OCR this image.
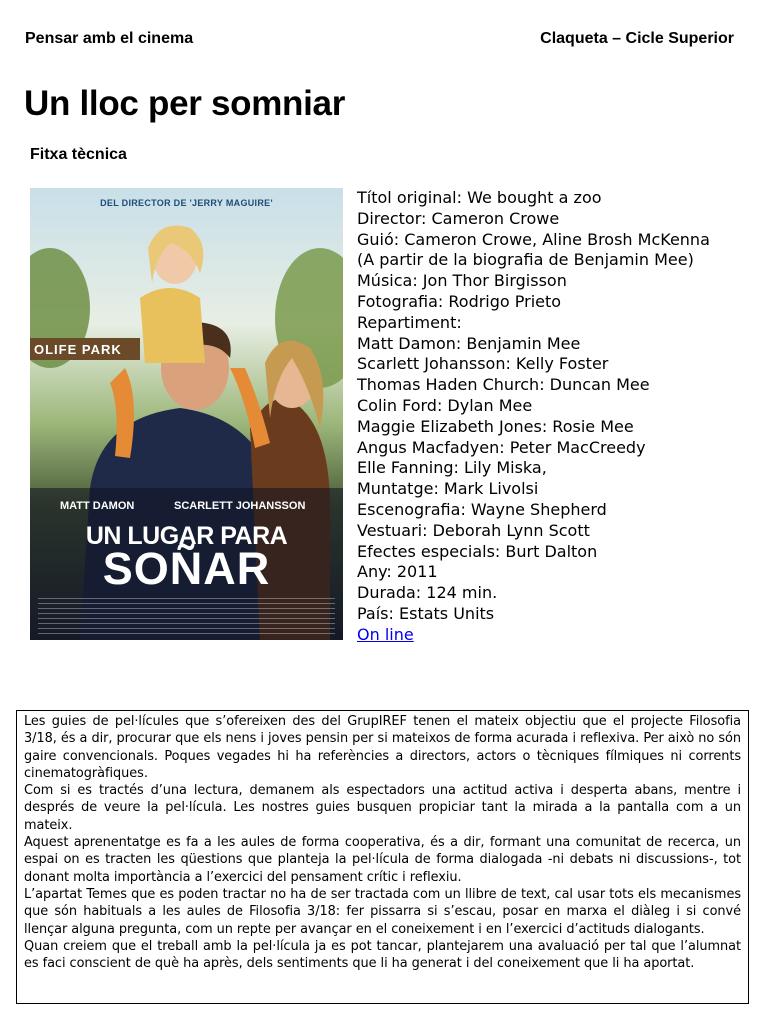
Pensar amb el cinema	Claqueta – Cicle Superior
Un lloc per somniar
Fitxa tècnica
DEL DIRECTOR DE 'JERRY MAGUIRE'
OLIFE PARK
MATT DAMON	SCARLETT JOHANSSON
UN LUGAR PARA
SOÑAR
Títol original: We bought a zoo
Director: Cameron Crowe
Guió: Cameron Crowe, Aline Brosh McKenna
(A partir de la biografia de Benjamin Mee)
Música: Jon Thor Birgisson
Fotografia: Rodrigo Prieto
Repartiment:
Matt Damon: Benjamin Mee
Scarlett Johansson: Kelly Foster
Thomas Haden Church: Duncan Mee
Colin Ford: Dylan Mee
Maggie Elizabeth Jones: Rosie Mee
Angus Macfadyen: Peter MacCreedy
Elle Fanning: Lily Miska,
Muntatge: Mark Livolsi
Escenografia: Wayne Shepherd
Vestuari: Deborah Lynn Scott
Efectes especials: Burt Dalton
Any: 2011
Durada: 124 min.
País: Estats Units
On line

Les guies de pel·lícules que s’ofereixen des del GrupIREF tenen el mateix objectiu que el projecte Filosofia 3/18, és a dir, procurar que els nens i joves pensin per si mateixos de forma acurada i reflexiva. Per això no són gaire convencionals. Poques vegades hi ha referències a directors, actors o tècniques fílmiques ni corrents cinematogràfiques.

Com si es tractés d’una lectura, demanem als espectadors una actitud activa i desperta abans, mentre i després de veure la pel·lícula. Les nostres guies busquen propiciar tant la mirada a la pantalla com a un mateix.

Aquest aprenentatge es fa a les aules de forma cooperativa, és a dir, formant una comunitat de recerca, un espai on es tracten les qüestions que planteja la pel·lícula de forma dialogada -ni debats ni discussions-, tot donant molta importància a l’exercici del pensament crític i reflexiu.

L’apartat Temes que es poden tractar no ha de ser tractada com un llibre de text, cal usar tots els mecanismes que són habituals a les aules de Filosofia 3/18: fer pissarra si s’escau, posar en marxa el diàleg i si convé llençar alguna pregunta, com un repte per avançar en el coneixement i en l’exercici d’actituds dialogants.

Quan creiem que el treball amb la pel·lícula ja es pot tancar, plantejarem una avaluació per tal que l’alumnat es faci conscient de què ha après, dels sentiments que li ha generat i del coneixement que li ha aportat.
